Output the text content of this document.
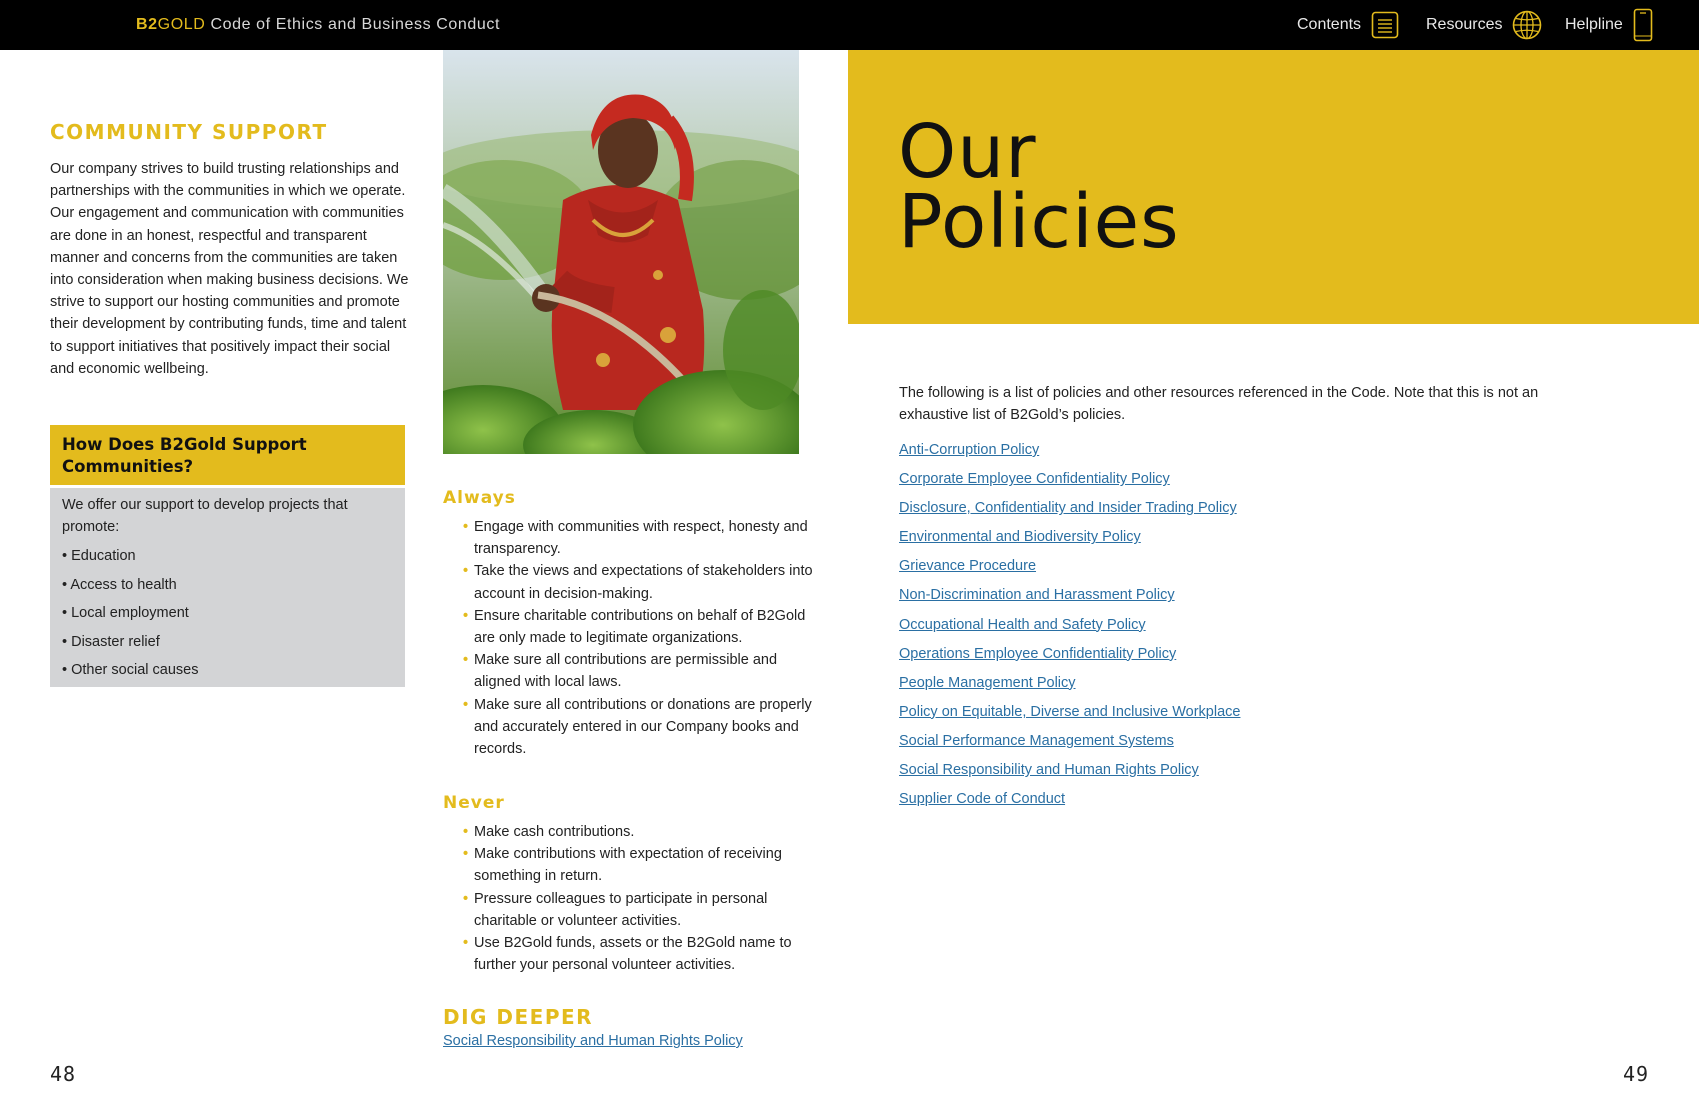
B2GOLD Code of Ethics and Business Conduct	Contents	Resources	Helpline
COMMUNITY SUPPORT

Our company strives to build trusting relationships and partnerships with the communities in which we operate. Our engagement and communication with communities are done in an honest, respectful and transparent manner and concerns from the communities are taken into consideration when making business decisions. We strive to support our hosting communities and promote their development by contributing funds, time and talent to support initiatives that positively impact their social and economic wellbeing.

How Does B2Gold Support Communities?

We offer our support to develop projects that promote:

• Education
• Access to health
• Local employment
• Disaster relief
• Other social causes
48
Always
• Engage with communities with respect, honesty and transparency.
• Take the views and expectations of stakeholders into account in decision-making.
• Ensure charitable contributions on behalf of B2Gold are only made to legitimate organizations.
• Make sure all contributions are permissible and aligned with local laws.
• Make sure all contributions or donations are properly and accurately entered in our Company books and records.
Never
• Make cash contributions.
• Make contributions with expectation of receiving something in return.
• Pressure colleagues to participate in personal charitable or volunteer activities.
• Use B2Gold funds, assets or the B2Gold name to further your personal volunteer activities.
DIG DEEPER
Social Responsibility and Human Rights Policy
Our
Policies

The following is a list of policies and other resources referenced in the Code. Note that this is not an exhaustive list of B2Gold’s policies.

Anti-Corruption Policy
Corporate Employee Confidentiality Policy
Disclosure, Confidentiality and Insider Trading Policy
Environmental and Biodiversity Policy
Grievance Procedure
Non-Discrimination and Harassment Policy
Occupational Health and Safety Policy
Operations Employee Confidentiality Policy
People Management Policy
Policy on Equitable, Diverse and Inclusive Workplace
Social Performance Management Systems
Social Responsibility and Human Rights Policy
Supplier Code of Conduct
49
